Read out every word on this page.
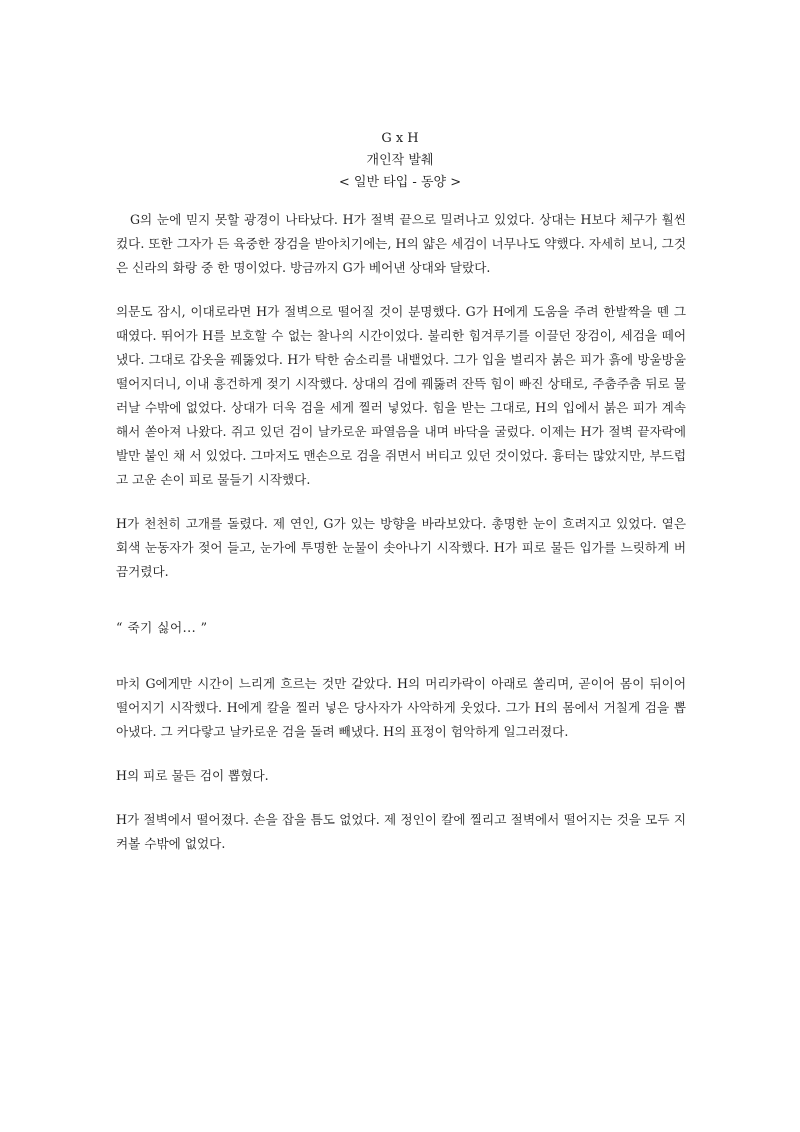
G x H
개인작 발췌
< 일반 타입 - 동양 >

G의 눈에 믿지 못할 광경이 나타났다. H가 절벽 끝으로 밀려나고 있었다. 상대는 H보다 체구가 훨씬 컸다. 또한 그자가 든 육중한 장검을 받아치기에는, H의 얇은 세검이 너무나도 약했다. 자세히 보니, 그것은 신라의 화랑 중 한 명이었다. 방금까지 G가 베어낸 상대와 달랐다.

의문도 잠시, 이대로라면 H가 절벽으로 떨어질 것이 분명했다. G가 H에게 도움을 주려 한발짝을 뗀 그때였다. 뛰어가 H를 보호할 수 없는 찰나의 시간이었다. 불리한 힘겨루기를 이끌던 장검이, 세검을 떼어냈다. 그대로 갑옷을 꿰뚫었다. H가 탁한 숨소리를 내뱉었다. 그가 입을 벌리자 붉은 피가 흙에 방울방울 떨어지더니, 이내 흥건하게 젖기 시작했다. 상대의 검에 꿰뚫려 잔뜩 힘이 빠진 상태로, 주춤주춤 뒤로 물러날 수밖에 없었다. 상대가 더욱 검을 세게 찔러 넣었다. 힘을 받는 그대로, H의 입에서 붉은 피가 계속해서 쏟아져 나왔다. 쥐고 있던 검이 날카로운 파열음을 내며 바닥을 굴렀다. 이제는 H가 절벽 끝자락에 발만 붙인 채 서 있었다. 그마저도 맨손으로 검을 쥐면서 버티고 있던 것이었다. 흉터는 많았지만, 부드럽고 고운 손이 피로 물들기 시작했다.

H가 천천히 고개를 돌렸다. 제 연인, G가 있는 방향을 바라보았다. 총명한 눈이 흐려지고 있었다. 옅은 회색 눈동자가 젖어 들고, 눈가에 투명한 눈물이 솟아나기 시작했다. H가 피로 물든 입가를 느릿하게 버끔거렸다.

“ 죽기 싫어... ”

마치 G에게만 시간이 느리게 흐르는 것만 같았다. H의 머리카락이 아래로 쏠리며, 곧이어 몸이 뒤이어 떨어지기 시작했다. H에게 칼을 찔러 넣은 당사자가 사악하게 웃었다. 그가 H의 몸에서 거칠게 검을 뽑아냈다. 그 커다랗고 날카로운 검을 돌려 빼냈다. H의 표정이 험악하게 일그러졌다.

H의 피로 물든 검이 뽑혔다.

H가 절벽에서 떨어졌다. 손을 잡을 틈도 없었다. 제 정인이 칼에 찔리고 절벽에서 떨어지는 것을 모두 지켜볼 수밖에 없었다.
